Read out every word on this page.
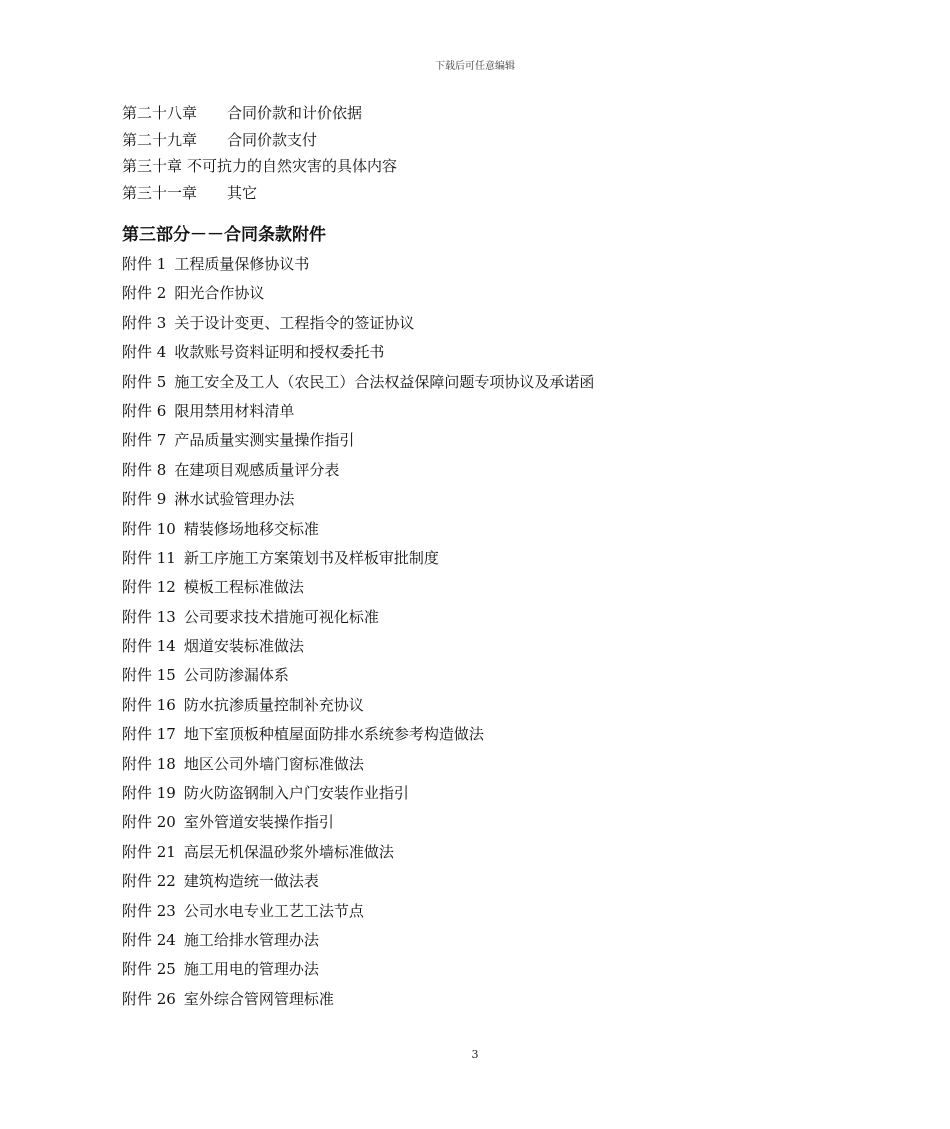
下载后可任意编辑
第二十八章 合同价款和计价依据
第二十九章 合同价款支付
第三十章 不可抗力的自然灾害的具体内容
第三十一章 其它
第三部分－－合同条款附件
附件 1 工程质量保修协议书
附件 2 阳光合作协议
附件 3 关于设计变更、工程指令的签证协议
附件 4 收款账号资料证明和授权委托书
附件 5 施工安全及工人（农民工）合法权益保障问题专项协议及承诺函
附件 6 限用禁用材料清单
附件 7 产品质量实测实量操作指引
附件 8 在建项目观感质量评分表
附件 9 淋水试验管理办法
附件 10 精装修场地移交标准
附件 11 新工序施工方案策划书及样板审批制度
附件 12 模板工程标准做法
附件 13 公司要求技术措施可视化标准
附件 14 烟道安装标准做法
附件 15 公司防渗漏体系
附件 16 防水抗渗质量控制补充协议
附件 17 地下室顶板种植屋面防排水系统参考构造做法
附件 18 地区公司外墙门窗标准做法
附件 19 防火防盗钢制入户门安装作业指引
附件 20 室外管道安装操作指引
附件 21 高层无机保温砂浆外墙标准做法
附件 22 建筑构造统一做法表
附件 23 公司水电专业工艺工法节点
附件 24 施工给排水管理办法
附件 25 施工用电的管理办法
附件 26 室外综合管网管理标准
3
